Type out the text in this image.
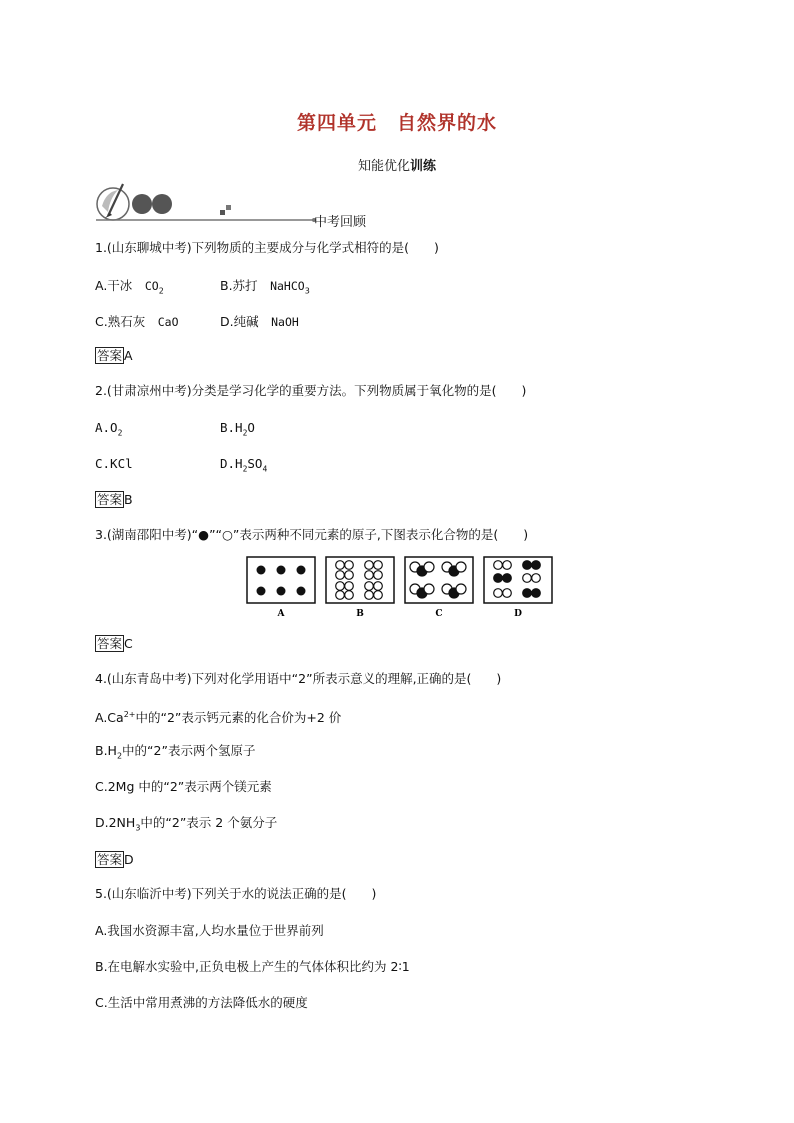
第四单元　自然界的水
知能优化训练
中考回顾
1.(山东聊城中考)下列物质的主要成分与化学式相符的是(　　)
A.干冰　 $CO_2$	B.苏打　 NaHCO$_3$
C.熟石灰　 CaO	D.纯碱　 NaOH
答案 A
2.(甘肃凉州中考)分类是学习化学的重要方法。下列物质属于氧化物的是(　　)
$A.O_2$	$B.H_2O$
C.KCl	$D.H_2SO_4$
答案 B
3.(湖南邵阳中考)“●”“○”表示两种不同元素的原子,下图表示化合物的是(　　)
A	B	C	D
答案 C
4.(山东青岛中考)下列对化学用语中“2”所表示意义的理解,正确的是(　　)
$A.Ca^{2+}$中的“2”表示钙元素的化合价为+2 价
$B.H_2$中的“2”表示两个氢原子
C.2Mg 中的“2”表示两个镁元素
$D.2NH_3$中的“2”表示 2 个氨分子
答案 D
5.(山东临沂中考)下列关于水的说法正确的是(　　)
A.我国水资源丰富,人均水量位于世界前列
B.在电解水实验中,正负电极上产生的气体体积比约为 2∶1
C.生活中常用煮沸的方法降低水的硬度
